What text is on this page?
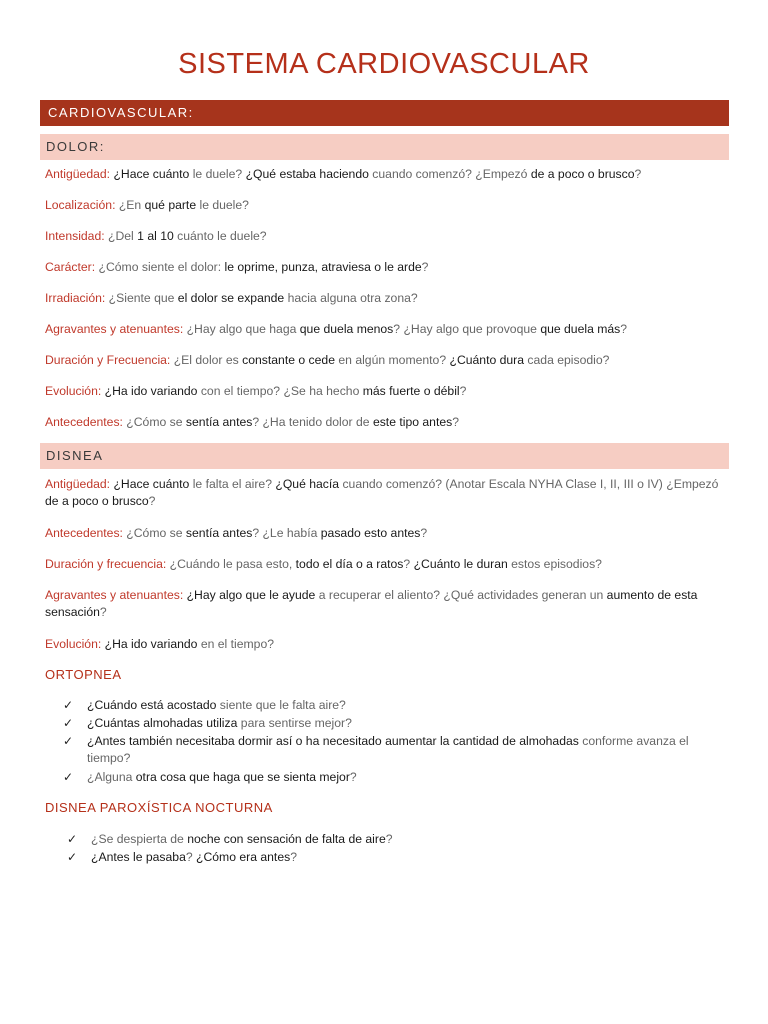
SISTEMA CARDIOVASCULAR
CARDIOVASCULAR:
DOLOR:
Antigüedad: ¿Hace cuánto le duele? ¿Qué estaba haciendo cuando comenzó? ¿Empezó de a poco o brusco?
Localización: ¿En qué parte le duele?
Intensidad: ¿Del 1 al 10 cuánto le duele?
Carácter: ¿Cómo siente el dolor: le oprime, punza, atraviesa o le arde?
Irradiación: ¿Siente que el dolor se expande hacia alguna otra zona?
Agravantes y atenuantes: ¿Hay algo que haga que duela menos? ¿Hay algo que provoque que duela más?
Duración y Frecuencia: ¿El dolor es constante o cede en algún momento? ¿Cuánto dura cada episodio?
Evolución: ¿Ha ido variando con el tiempo? ¿Se ha hecho más fuerte o débil?
Antecedentes: ¿Cómo se sentía antes? ¿Ha tenido dolor de este tipo antes?
DISNEA
Antigüedad: ¿Hace cuánto le falta el aire? ¿Qué hacía cuando comenzó? (Anotar Escala NYHA Clase I, II, III o IV) ¿Empezó de a poco o brusco?
Antecedentes: ¿Cómo se sentía antes? ¿Le había pasado esto antes?
Duración y frecuencia: ¿Cuándo le pasa esto, todo el día o a ratos? ¿Cuánto le duran estos episodios?
Agravantes y atenuantes: ¿Hay algo que le ayude a recuperar el aliento? ¿Qué actividades generan un aumento de esta sensación?
Evolución: ¿Ha ido variando en el tiempo?
ORTOPNEA
✓ ¿Cuándo está acostado siente que le falta aire?
✓ ¿Cuántas almohadas utiliza para sentirse mejor?
✓ ¿Antes también necesitaba dormir así o ha necesitado aumentar la cantidad de almohadas conforme avanza el tiempo?
✓ ¿Alguna otra cosa que haga que se sienta mejor?
DISNEA PAROXÍSTICA NOCTURNA
✓ ¿Se despierta de noche con sensación de falta de aire?
✓ ¿Antes le pasaba? ¿Cómo era antes?
